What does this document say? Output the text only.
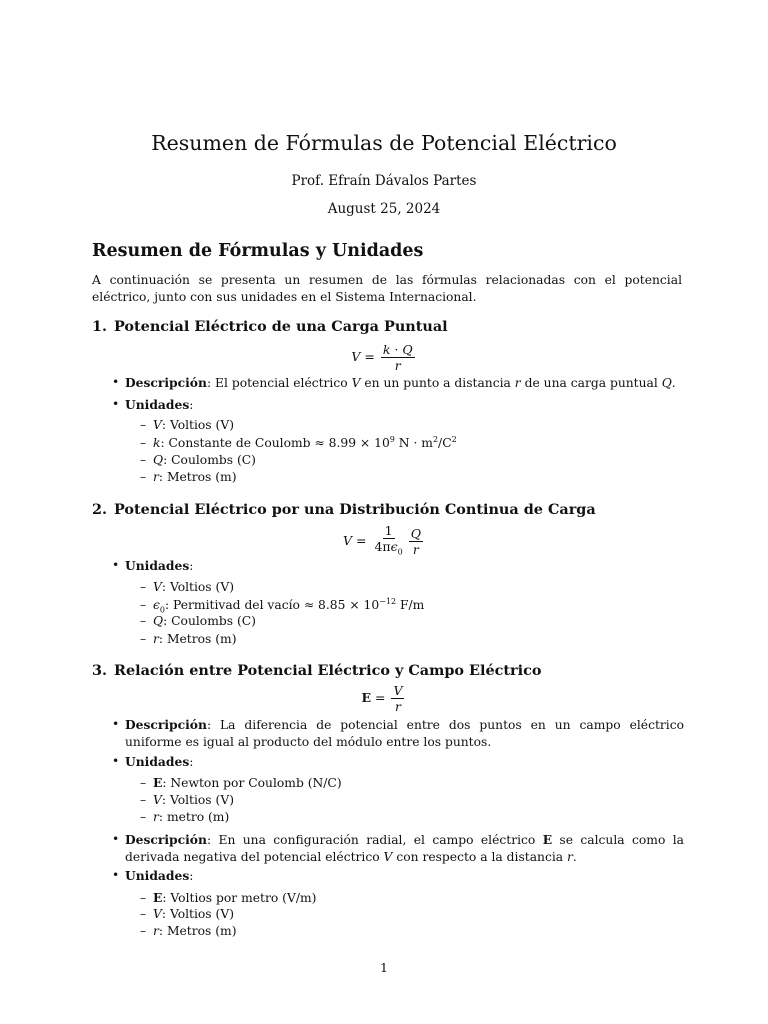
Resumen de Fórmulas de Potencial Eléctrico
Prof. Efraín Dávalos Partes
August 25, 2024
Resumen de Fórmulas y Unidades
A continuación se presenta un resumen de las fórmulas relacionadas con el potencial eléctrico, junto con sus unidades en el Sistema Internacional.
1. Potencial Eléctrico de una Carga Puntual
$V = \frac{k \cdot Q}{r}$
• Descripción: El potencial eléctrico V en un punto a distancia r de una carga puntual Q.
• Unidades:
– V: Voltios (V)
– k: Constante de Coulomb ≈ $8.99 \times 10^9$ $N \cdot m^2/C^2$
– Q: Coulombs (C)
– r: Metros (m)
2. Potencial Eléctrico por una Distribución Continua de Carga
$V = \frac{1}{4\pi\epsilon_0} \frac{Q}{r}$
• Unidades:
– V: Voltios (V)
– $\epsilon_0$: Permitivad del vacío ≈ $8.85 \times 10^{-12}$ F/m
– Q: Coulombs (C)
– r: Metros (m)
3. Relación entre Potencial Eléctrico y Campo Eléctrico
$E = \frac{V}{r}$
• Descripción: La diferencia de potencial entre dos puntos en un campo eléctrico uniforme es igual al producto del módulo entre los puntos.
• Unidades:
– E: Newton por Coulomb (N/C)
– V: Voltios (V)
– r: metro (m)
• Descripción: En una configuración radial, el campo eléctrico E se calcula como la derivada negativa del potencial eléctrico V con respecto a la distancia r.
• Unidades:
– E: Voltios por metro (V/m)
– V: Voltios (V)
– r: Metros (m)
1
